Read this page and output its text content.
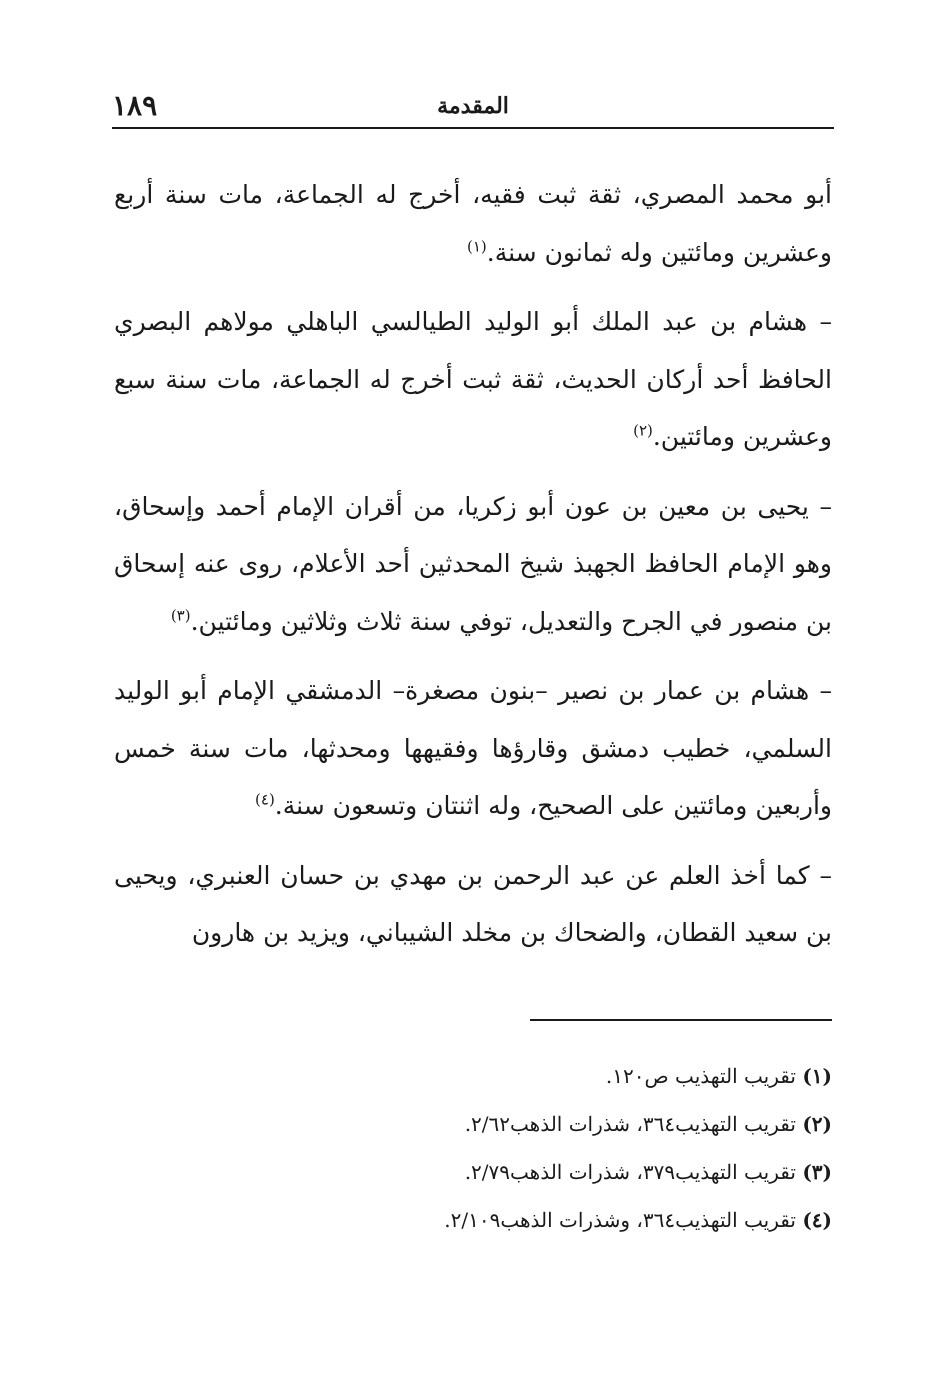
١٨٩	المقدمة

أبو محمد المصري، ثقة ثبت فقيه، أخرج له الجماعة، مات سنة أربع وعشرين ومائتين وله ثمانون سنة.$^{(١)}$

– هشام بن عبد الملك أبو الوليد الطيالسي الباهلي مولاهم البصري الحافظ أحد أركان الحديث، ثقة ثبت أخرج له الجماعة، مات سنة سبع وعشرين ومائتين.$^{(٢)}$

– يحيى بن معين بن عون أبو زكريا، من أقران الإمام أحمد وإسحاق، وهو الإمام الحافظ الجهبذ شيخ المحدثين أحد الأعلام، روى عنه إسحاق بن منصور في الجرح والتعديل، توفي سنة ثلاث وثلاثين ومائتين.$^{(٣)}$

– هشام بن عمار بن نصير –بنون مصغرة– الدمشقي الإمام أبو الوليد السلمي، خطيب دمشق وقارؤها وفقيهها ومحدثها، مات سنة خمس وأربعين ومائتين على الصحيح، وله اثنتان وتسعون سنة.$^{(٤)}$

– كما أخذ العلم عن عبد الرحمن بن مهدي بن حسان العنبري، ويحيى بن سعيد القطان، والضحاك بن مخلد الشيباني، ويزيد بن هارون

(١) تقريب التهذيب ص١٢٠.

(٢) تقريب التهذيب٣٦٤، شذرات الذهب٢/٦٢.

(٣) تقريب التهذيب٣٧٩، شذرات الذهب٢/٧٩.

(٤) تقريب التهذيب٣٦٤، وشذرات الذهب٢/١٠٩.
